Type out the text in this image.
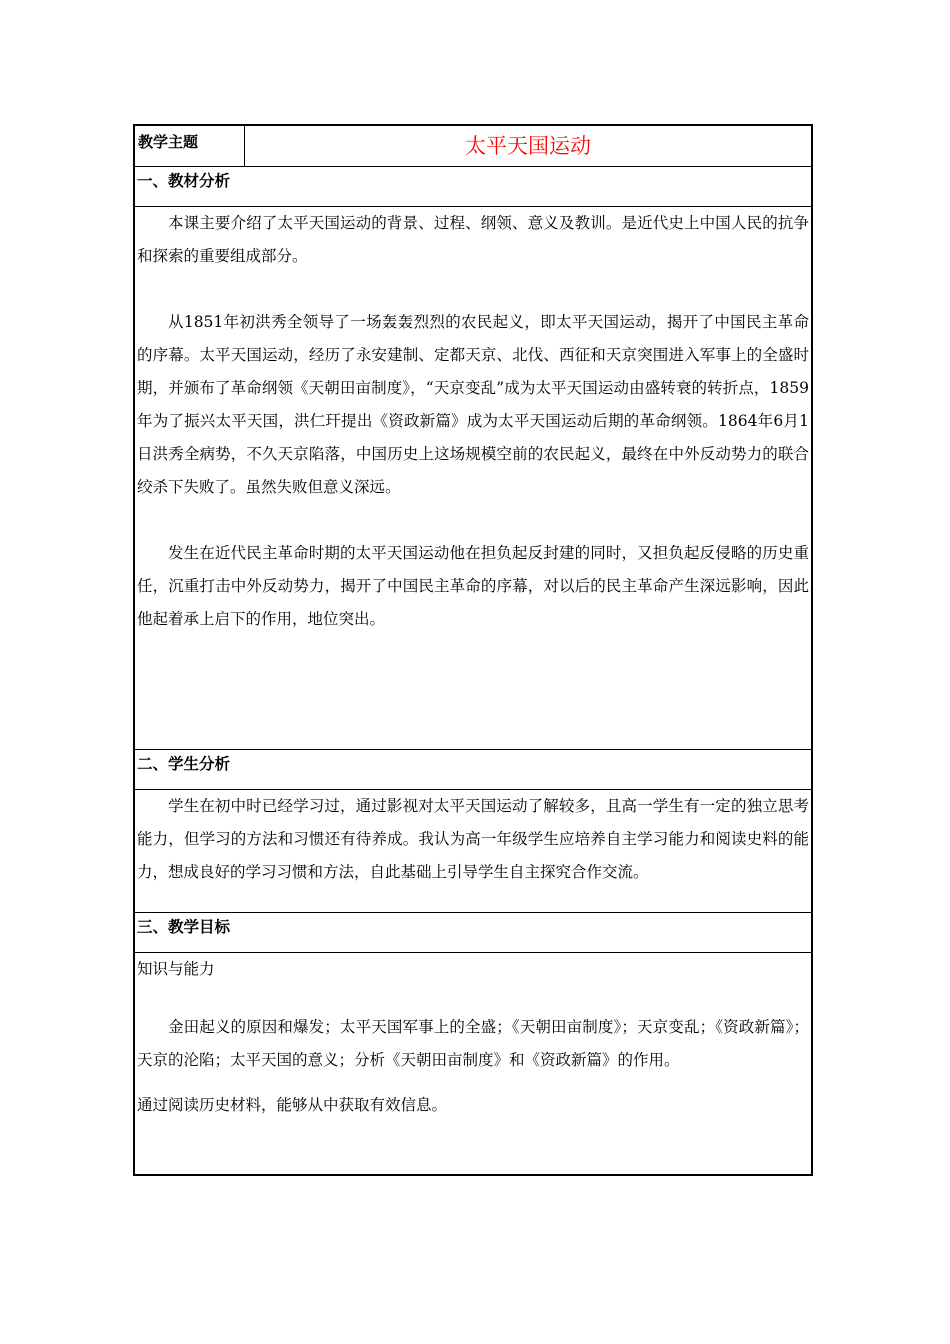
教学主题	太平天国运动
一、教材分析

本课主要介绍了太平天国运动的背景、过程、纲领、意义及教训。是近代史上中国人民的抗争和探索的重要组成部分。

从1851年初洪秀全领导了一场轰轰烈烈的农民起义，即太平天国运动，揭开了中国民主革命的序幕。太平天国运动，经历了永安建制、定都天京、北伐、西征和天京突围进入军事上的全盛时期，并颁布了革命纲领《天朝田亩制度》，“天京变乱”成为太平天国运动由盛转衰的转折点，1859年为了振兴太平天国，洪仁玕提出《资政新篇》成为太平天国运动后期的革命纲领。1864年6月1日洪秀全病势，不久天京陷落，中国历史上这场规模空前的农民起义，最终在中外反动势力的联合绞杀下失败了。虽然失败但意义深远。

发生在近代民主革命时期的太平天国运动他在担负起反封建的同时，又担负起反侵略的历史重任，沉重打击中外反动势力，揭开了中国民主革命的序幕，对以后的民主革命产生深远影响，因此他起着承上启下的作用，地位突出。

二、学生分析

学生在初中时已经学习过，通过影视对太平天国运动了解较多，且高一学生有一定的独立思考能力，但学习的方法和习惯还有待养成。我认为高一年级学生应培养自主学习能力和阅读史料的能力，想成良好的学习习惯和方法，自此基础上引导学生自主探究合作交流。

三、教学目标

知识与能力

金田起义的原因和爆发；太平天国军事上的全盛；《天朝田亩制度》；天京变乱；《资政新篇》；天京的沦陷；太平天国的意义；分析《天朝田亩制度》和《资政新篇》的作用。

通过阅读历史材料，能够从中获取有效信息。
